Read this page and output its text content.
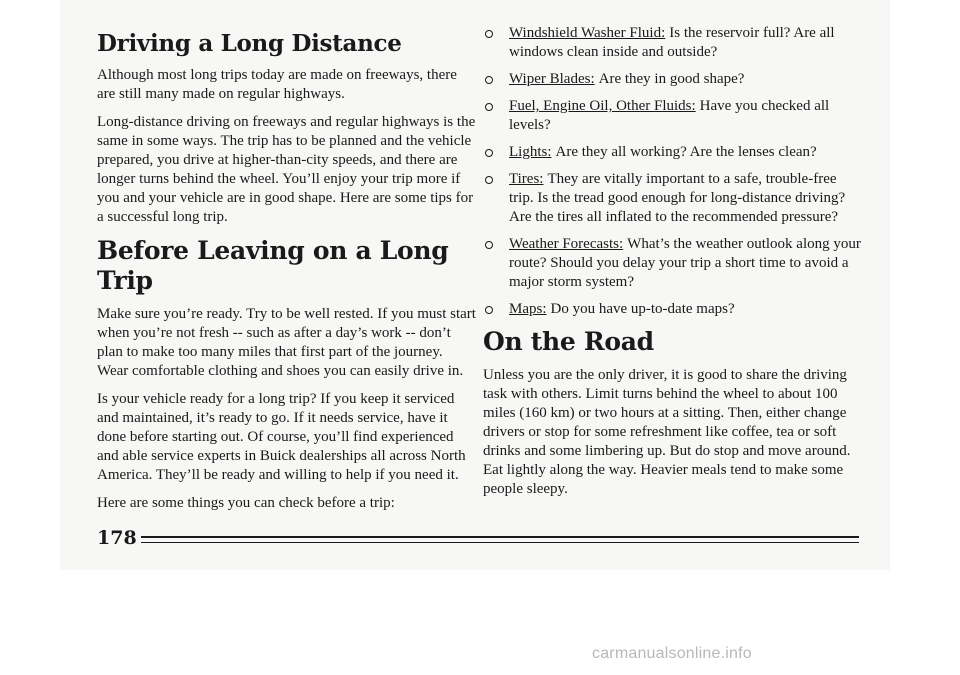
Driving a Long Distance

Although most long trips today are made on freeways, there are still many made on regular highways.

Long-distance driving on freeways and regular highways is the same in some ways. The trip has to be planned and the vehicle prepared, you drive at higher-than-city speeds, and there are longer turns behind the wheel. You’ll enjoy your trip more if you and your vehicle are in good shape. Here are some tips for a successful long trip.

Before Leaving on a Long Trip

Make sure you’re ready. Try to be well rested. If you must start when you’re not fresh -- such as after a day’s work -- don’t plan to make too many miles that first part of the journey. Wear comfortable clothing and shoes you can easily drive in.

Is your vehicle ready for a long trip? If you keep it serviced and maintained, it’s ready to go. If it needs service, have it done before starting out. Of course, you’ll find experienced and able service experts in Buick dealerships all across North America. They’ll be ready and willing to help if you need it.

Here are some things you can check before a trip:

Windshield Washer Fluid: Is the reservoir full? Are all windows clean inside and outside?
Wiper Blades: Are they in good shape?
Fuel, Engine Oil, Other Fluids: Have you checked all levels?
Lights: Are they all working? Are the lenses clean?
Tires: They are vitally important to a safe, trouble-free trip. Is the tread good enough for long-distance driving? Are the tires all inflated to the recommended pressure?
Weather Forecasts: What’s the weather outlook along your route? Should you delay your trip a short time to avoid a major storm system?
Maps: Do you have up-to-date maps?
On the Road

Unless you are the only driver, it is good to share the driving task with others. Limit turns behind the wheel to about 100 miles (160 km) or two hours at a sitting. Then, either change drivers or stop for some refreshment like coffee, tea or soft drinks and some limbering up. But do stop and move around. Eat lightly along the way. Heavier meals tend to make some people sleepy.

178
carmanualsonline.info
